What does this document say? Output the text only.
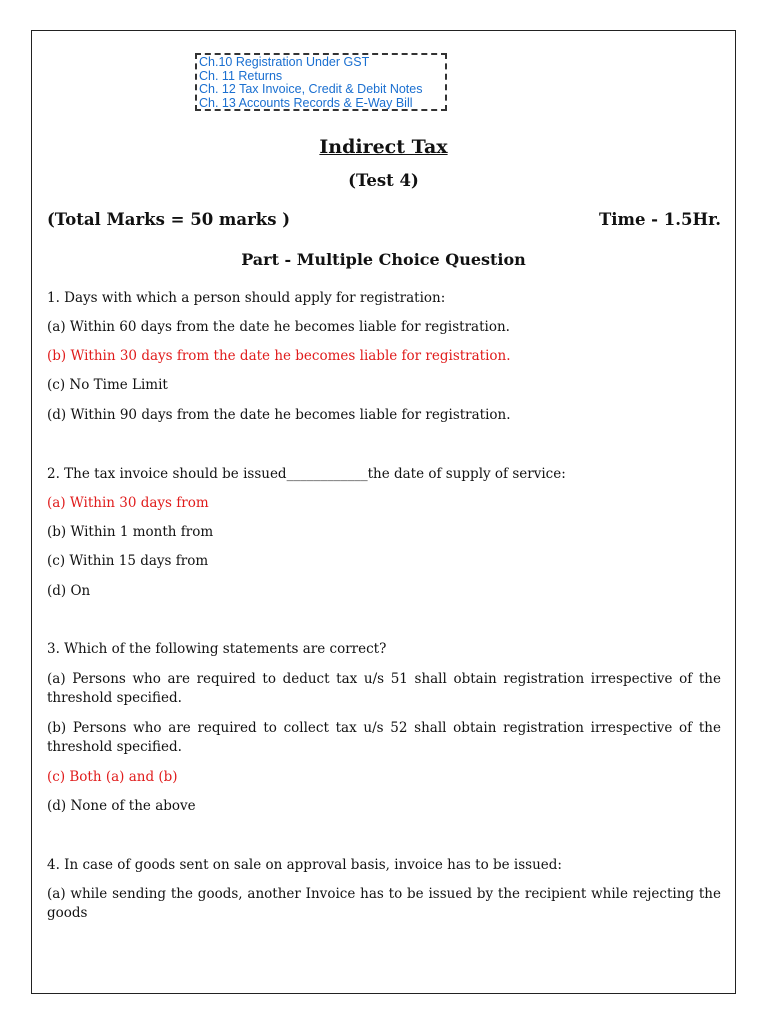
Ch.10 Registration Under GST
Ch. 11 Returns
Ch. 12 Tax Invoice, Credit & Debit Notes
Ch. 13 Accounts Records & E-Way Bill
Indirect Tax
(Test 4)
(Total Marks = 50 marks )	Time - 1.5Hr.
Part - Multiple Choice Question
1. Days with which a person should apply for registration:
(a) Within 60 days from the date he becomes liable for registration.
(b) Within 30 days from the date he becomes liable for registration.
(c) No Time Limit
(d) Within 90 days from the date he becomes liable for registration.
2. The tax invoice should be issued____________the date of supply of service:
(a) Within 30 days from
(b) Within 1 month from
(c) Within 15 days from
(d) On
3. Which of the following statements are correct?
(a) Persons who are required to deduct tax u/s 51 shall obtain registration irrespective of the threshold specified.
(b) Persons who are required to collect tax u/s 52 shall obtain registration irrespective of the threshold specified.
(c) Both (a) and (b)
(d) None of the above
4. In case of goods sent on sale on approval basis, invoice has to be issued:
(a) while sending the goods, another Invoice has to be issued by the recipient while rejecting the goods
